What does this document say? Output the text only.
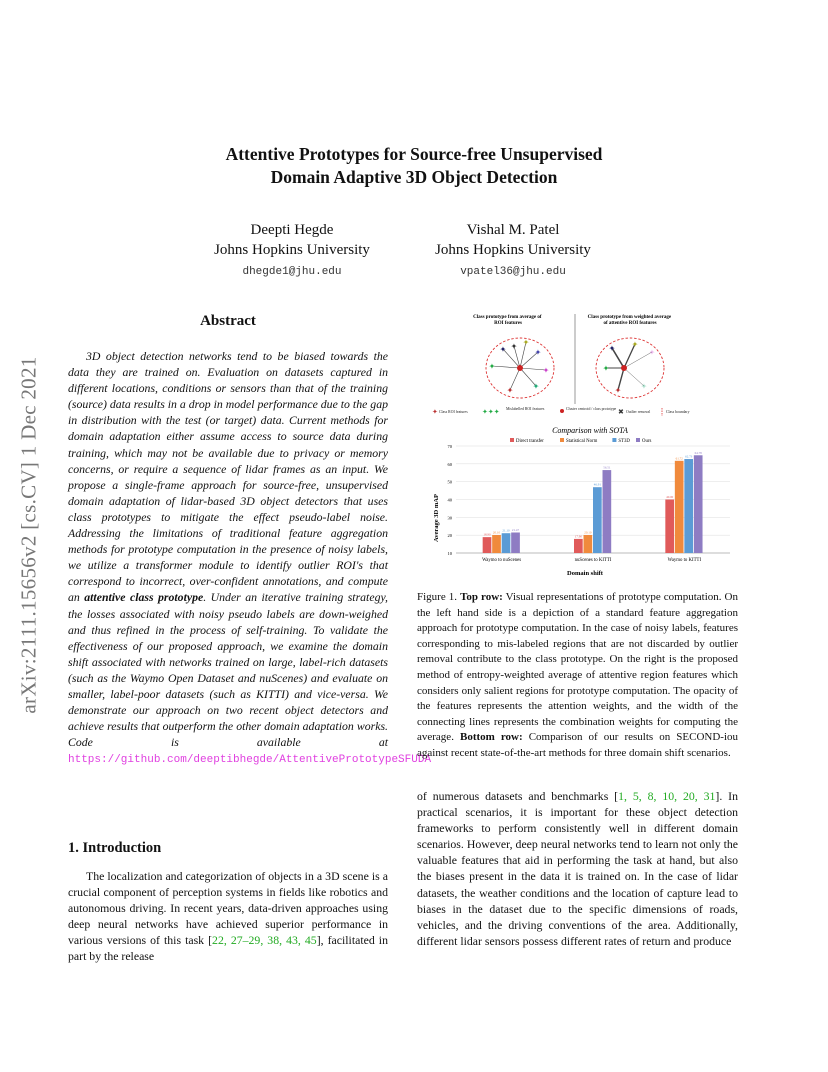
Attentive Prototypes for Source-free Unsupervised
Domain Adaptive 3D Object Detection
Deepti Hegde
Johns Hopkins University
dhegde1@jhu.edu
Vishal M. Patel
Johns Hopkins University
vpatel36@jhu.edu
arXiv:2111.15656v2 [cs.CV] 1 Dec 2021
Abstract

3D object detection networks tend to be biased towards the data they are trained on. Evaluation on datasets captured in different locations, conditions or sensors than that of the training (source) data results in a drop in model performance due to the gap in distribution with the test (or target) data. Current methods for domain adaptation either assume access to source data during training, which may not be available due to privacy or memory concerns, or require a sequence of lidar frames as an input. We propose a single-frame approach for source-free, unsupervised domain adaptation of lidar-based 3D object detectors that uses class prototypes to mitigate the effect pseudo-label noise. Addressing the limitations of traditional feature aggregation methods for prototype computation in the presence of noisy labels, we utilize a transformer module to identify outlier ROI's that correspond to incorrect, over-confident annotations, and compute an attentive class prototype. Under an iterative training strategy, the losses associated with noisy pseudo labels are down-weighed and thus refined in the process of self-training. To validate the effectiveness of our proposed approach, we examine the domain shift associated with networks trained on large, label-rich datasets (such as the Waymo Open Dataset and nuScenes) and evaluate on smaller, label-poor datasets (such as KITTI) and vice-versa. We demonstrate our approach on two recent object detectors and achieve results that outperform the other domain adaptation works. Code is available at https://github.com/deeptibhegde/AttentivePrototypeSFUDA

1. Introduction

The localization and categorization of objects in a 3D scene is a crucial component of perception systems in fields like robotics and autonomous driving. In recent years, data-driven approaches using deep neural networks have achieved superior performance in various versions of this task [22, 27–29, 38, 43, 45], facilitated in part by the release

Class prototype from average of ROI features
Class prototype from weighted average of attentive ROI features
✦
✦
✦
✦
✦ ✦
✦
✦	✦ ✦
✦
✦ ✦
✦
✦ Class ROI features ✦✦✦ Mislabelled ROI features	Cluster centroid / class prototype ✖ Outlier removal	Class boundary
Comparison with SOTA
Direct transfer	Statistical Norm	ST3D	Ours
Average 3D mAP
Domain shift
10
20
30
40
50
60
70
18.90
20.10 21.10 21.47
Waymo to nuScenes
17.90
20.10
46.91
56.51
nuScenes to KITTI
40.00
61.72 62.73
64.78
Waymo to KITTI

Figure 1. Top row: Visual representations of prototype computation. On the left hand side is a depiction of a standard feature aggregation approach for prototype computation. In the case of noisy labels, features corresponding to mis-labeled regions that are not discarded by outlier removal contribute to the class prototype. On the right is the proposed method of entropy-weighted average of attentive region features which considers only salient regions for prototype computation. The opacity of the features represents the attention weights, and the width of the connecting lines represents the combination weights for computing the average. Bottom row: Comparison of our results on SECOND-iou against recent state-of-the-art methods for three domain shift scenarios.

of numerous datasets and benchmarks [1, 5, 8, 10, 20, 31]. In practical scenarios, it is important for these object detection frameworks to perform consistently well in different domain scenarios. However, deep neural networks tend to learn not only the valuable features that aid in performing the task at hand, but also the biases present in the data it is trained on. In the case of lidar datasets, the weather conditions and the location of capture lead to biases in the dataset due to the specific dimensions of roads, vehicles, and the driving conventions of the area. Additionally, different lidar sensors possess different rates of return and produce
